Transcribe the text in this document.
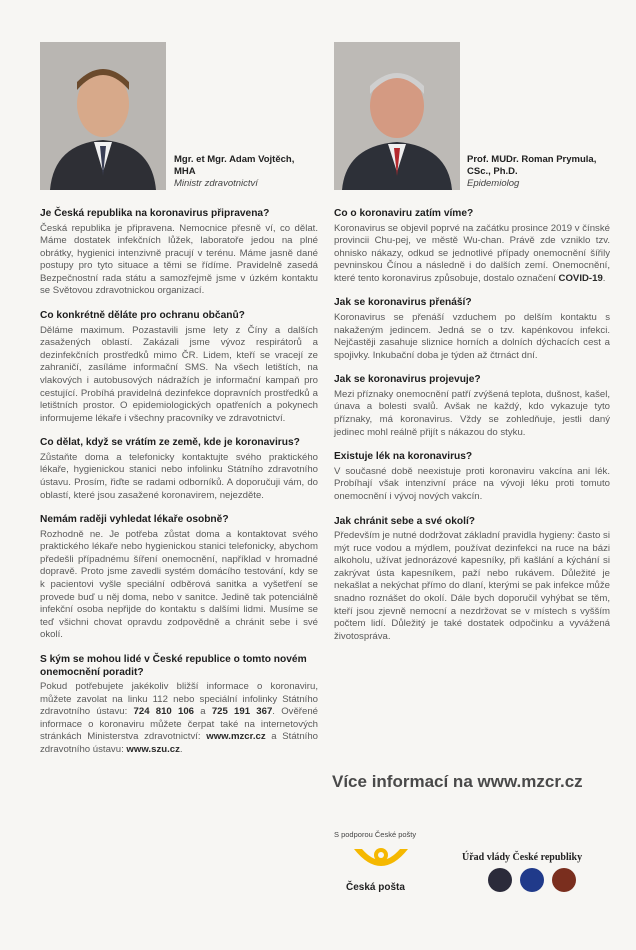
Mgr. et Mgr. Adam Vojtěch, MHA
Ministr zdravotnictví
Prof. MUDr. Roman Prymula, CSc., Ph.D.
Epidemiolog
Je Česká republika na koronavirus připravena?
Česká republika je připravena. Nemocnice přesně ví, co dělat. Máme dostatek infekčních lůžek, laboratoře jedou na plné obrátky, hygienici intenzivně pracují v terénu. Máme jasně dané postupy pro tyto situace a těmi se řídíme. Pravidelně zasedá Bezpečnostní rada státu a samozřejmě jsme v úzkém kontaktu se Světovou zdravotnickou organizací.
Co konkrétně děláte pro ochranu občanů?
Děláme maximum. Pozastavili jsme lety z Číny a dalších zasažených oblastí. Zakázali jsme vývoz respirátorů a dezinfekčních prostředků mimo ČR. Lidem, kteří se vracejí ze zahraničí, zasíláme informační SMS. Na všech letištích, na vlakových i autobusových nádražích je informační kampaň pro cestující. Probíhá pravidelná dezinfekce dopravních prostředků a letištních prostor. O epidemiologických opatřeních a pokynech informujeme lékaře i všechny pracovníky ve zdravotnictví.
Co dělat, když se vrátím ze země, kde je koronavirus?
Zůstaňte doma a telefonicky kontaktujte svého praktického lékaře, hygienickou stanici nebo infolinku Státního zdravotního ústavu. Prosím, řiďte se radami odborníků. A doporučuji vám, do oblastí, které jsou zasažené koronavirem, nejezděte.
Nemám raději vyhledat lékaře osobně?
Rozhodně ne. Je potřeba zůstat doma a kontaktovat svého praktického lékaře nebo hygienickou stanici telefonicky, abychom předešli případnému šíření onemocnění, například v hromadné dopravě. Proto jsme zavedli systém domácího testování, kdy se k pacientovi vyšle speciální odběrová sanitka a vyšetření se provede buď u něj doma, nebo v sanitce. Jedině tak potenciálně infekční osoba nepřijde do kontaktu s dalšími lidmi. Musíme se teď všichni chovat opravdu zodpovědně a chránit sebe i své okolí.
S kým se mohou lidé v České republice o tomto novém onemocnění poradit?
Pokud potřebujete jakékoliv bližší informace o koronaviru, můžete zavolat na linku 112 nebo speciální infolinky Státního zdravotního ústavu: 724 810 106 a 725 191 367. Ověřené informace o koronaviru můžete čerpat také na internetových stránkách Ministerstva zdravotnictví: www.mzcr.cz a Státního zdravotního ústavu: www.szu.cz.
Co o koronaviru zatím víme?
Koronavirus se objevil poprvé na začátku prosince 2019 v čínské provincii Chu-pej, ve městě Wu-chan. Právě zde vzniklo tzv. ohnisko nákazy, odkud se jednotlivé případy onemocnění šířily pevninskou Čínou a následně i do dalších zemí. Onemocnění, které tento koronavirus způsobuje, dostalo označení COVID-19.
Jak se koronavirus přenáší?
Koronavirus se přenáší vzduchem po delším kontaktu s nakaženým jedincem. Jedná se o tzv. kapénkovou infekci. Nejčastěji zasahuje sliznice horních a dolních dýchacích cest a spojivky. Inkubační doba je týden až čtrnáct dní.
Jak se koronavirus projevuje?
Mezi příznaky onemocnění patří zvýšená teplota, dušnost, kašel, únava a bolesti svalů. Avšak ne každý, kdo vykazuje tyto příznaky, má koronavirus. Vždy se zohledňuje, jestli daný jedinec mohl reálně přijít s nákazou do styku.
Existuje lék na koronavirus?
V současné době neexistuje proti koronaviru vakcína ani lék. Probíhají však intenzivní práce na vývoji léku proti tomuto onemocnění i vývoj nových vakcín.
Jak chránit sebe a své okolí?
Především je nutné dodržovat základní pravidla hygieny: často si mýt ruce vodou a mýdlem, používat dezinfekci na ruce na bázi alkoholu, užívat jednorázové kapesníky, při kašlání a kýchání si zakrývat ústa kapesníkem, paží nebo rukávem. Důležité je nekašlat a nekýchat přímo do dlaní, kterými se pak infekce může snadno roznášet do okolí. Dále bych doporučil vyhýbat se těm, kteří jsou zjevně nemocní a nezdržovat se v místech s vyšším počtem lidí. Důležitý je také dostatek odpočinku a vyvážená životospráva.
Více informací na www.mzcr.cz
S podporou České pošty
Česká pošta
Úřad vlády České republiky
